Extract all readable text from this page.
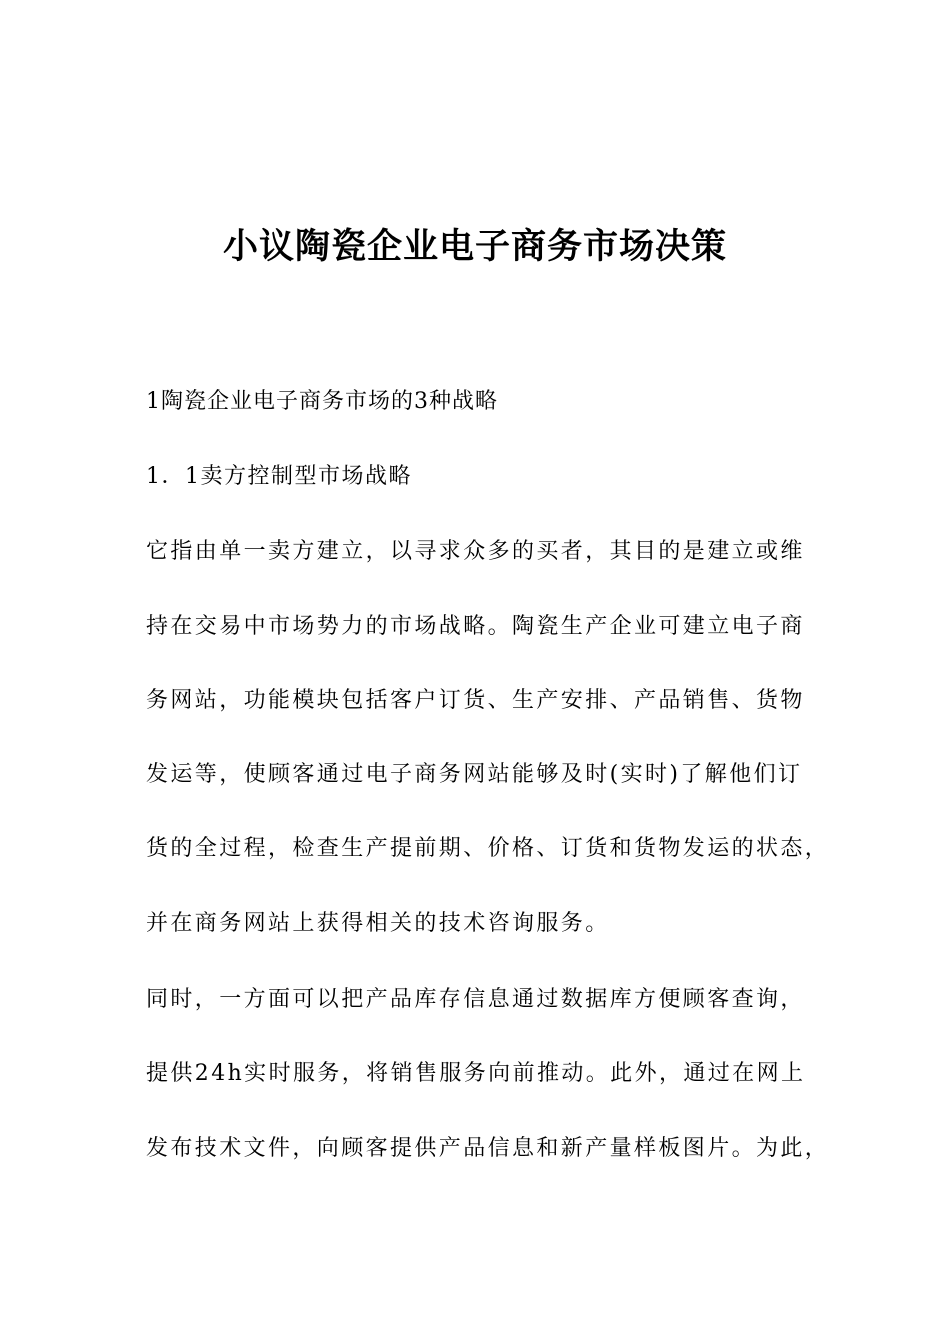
小议陶瓷企业电子商务市场决策
1陶瓷企业电子商务市场的3种战略
1．1卖方控制型市场战略
它指由单一卖方建立，以寻求众多的买者，其目的是建立或维
持在交易中市场势力的市场战略。陶瓷生产企业可建立电子商
务网站，功能模块包括客户订货、生产安排、产品销售、货物
发运等，使顾客通过电子商务网站能够及时(实时)了解他们订
货的全过程，检查生产提前期、价格、订货和货物发运的状态，
并在商务网站上获得相关的技术咨询服务。
同时，一方面可以把产品库存信息通过数据库方便顾客查询，
提供24h实时服务，将销售服务向前推动。此外，通过在网上
发布技术文件，向顾客提供产品信息和新产量样板图片。为此，
